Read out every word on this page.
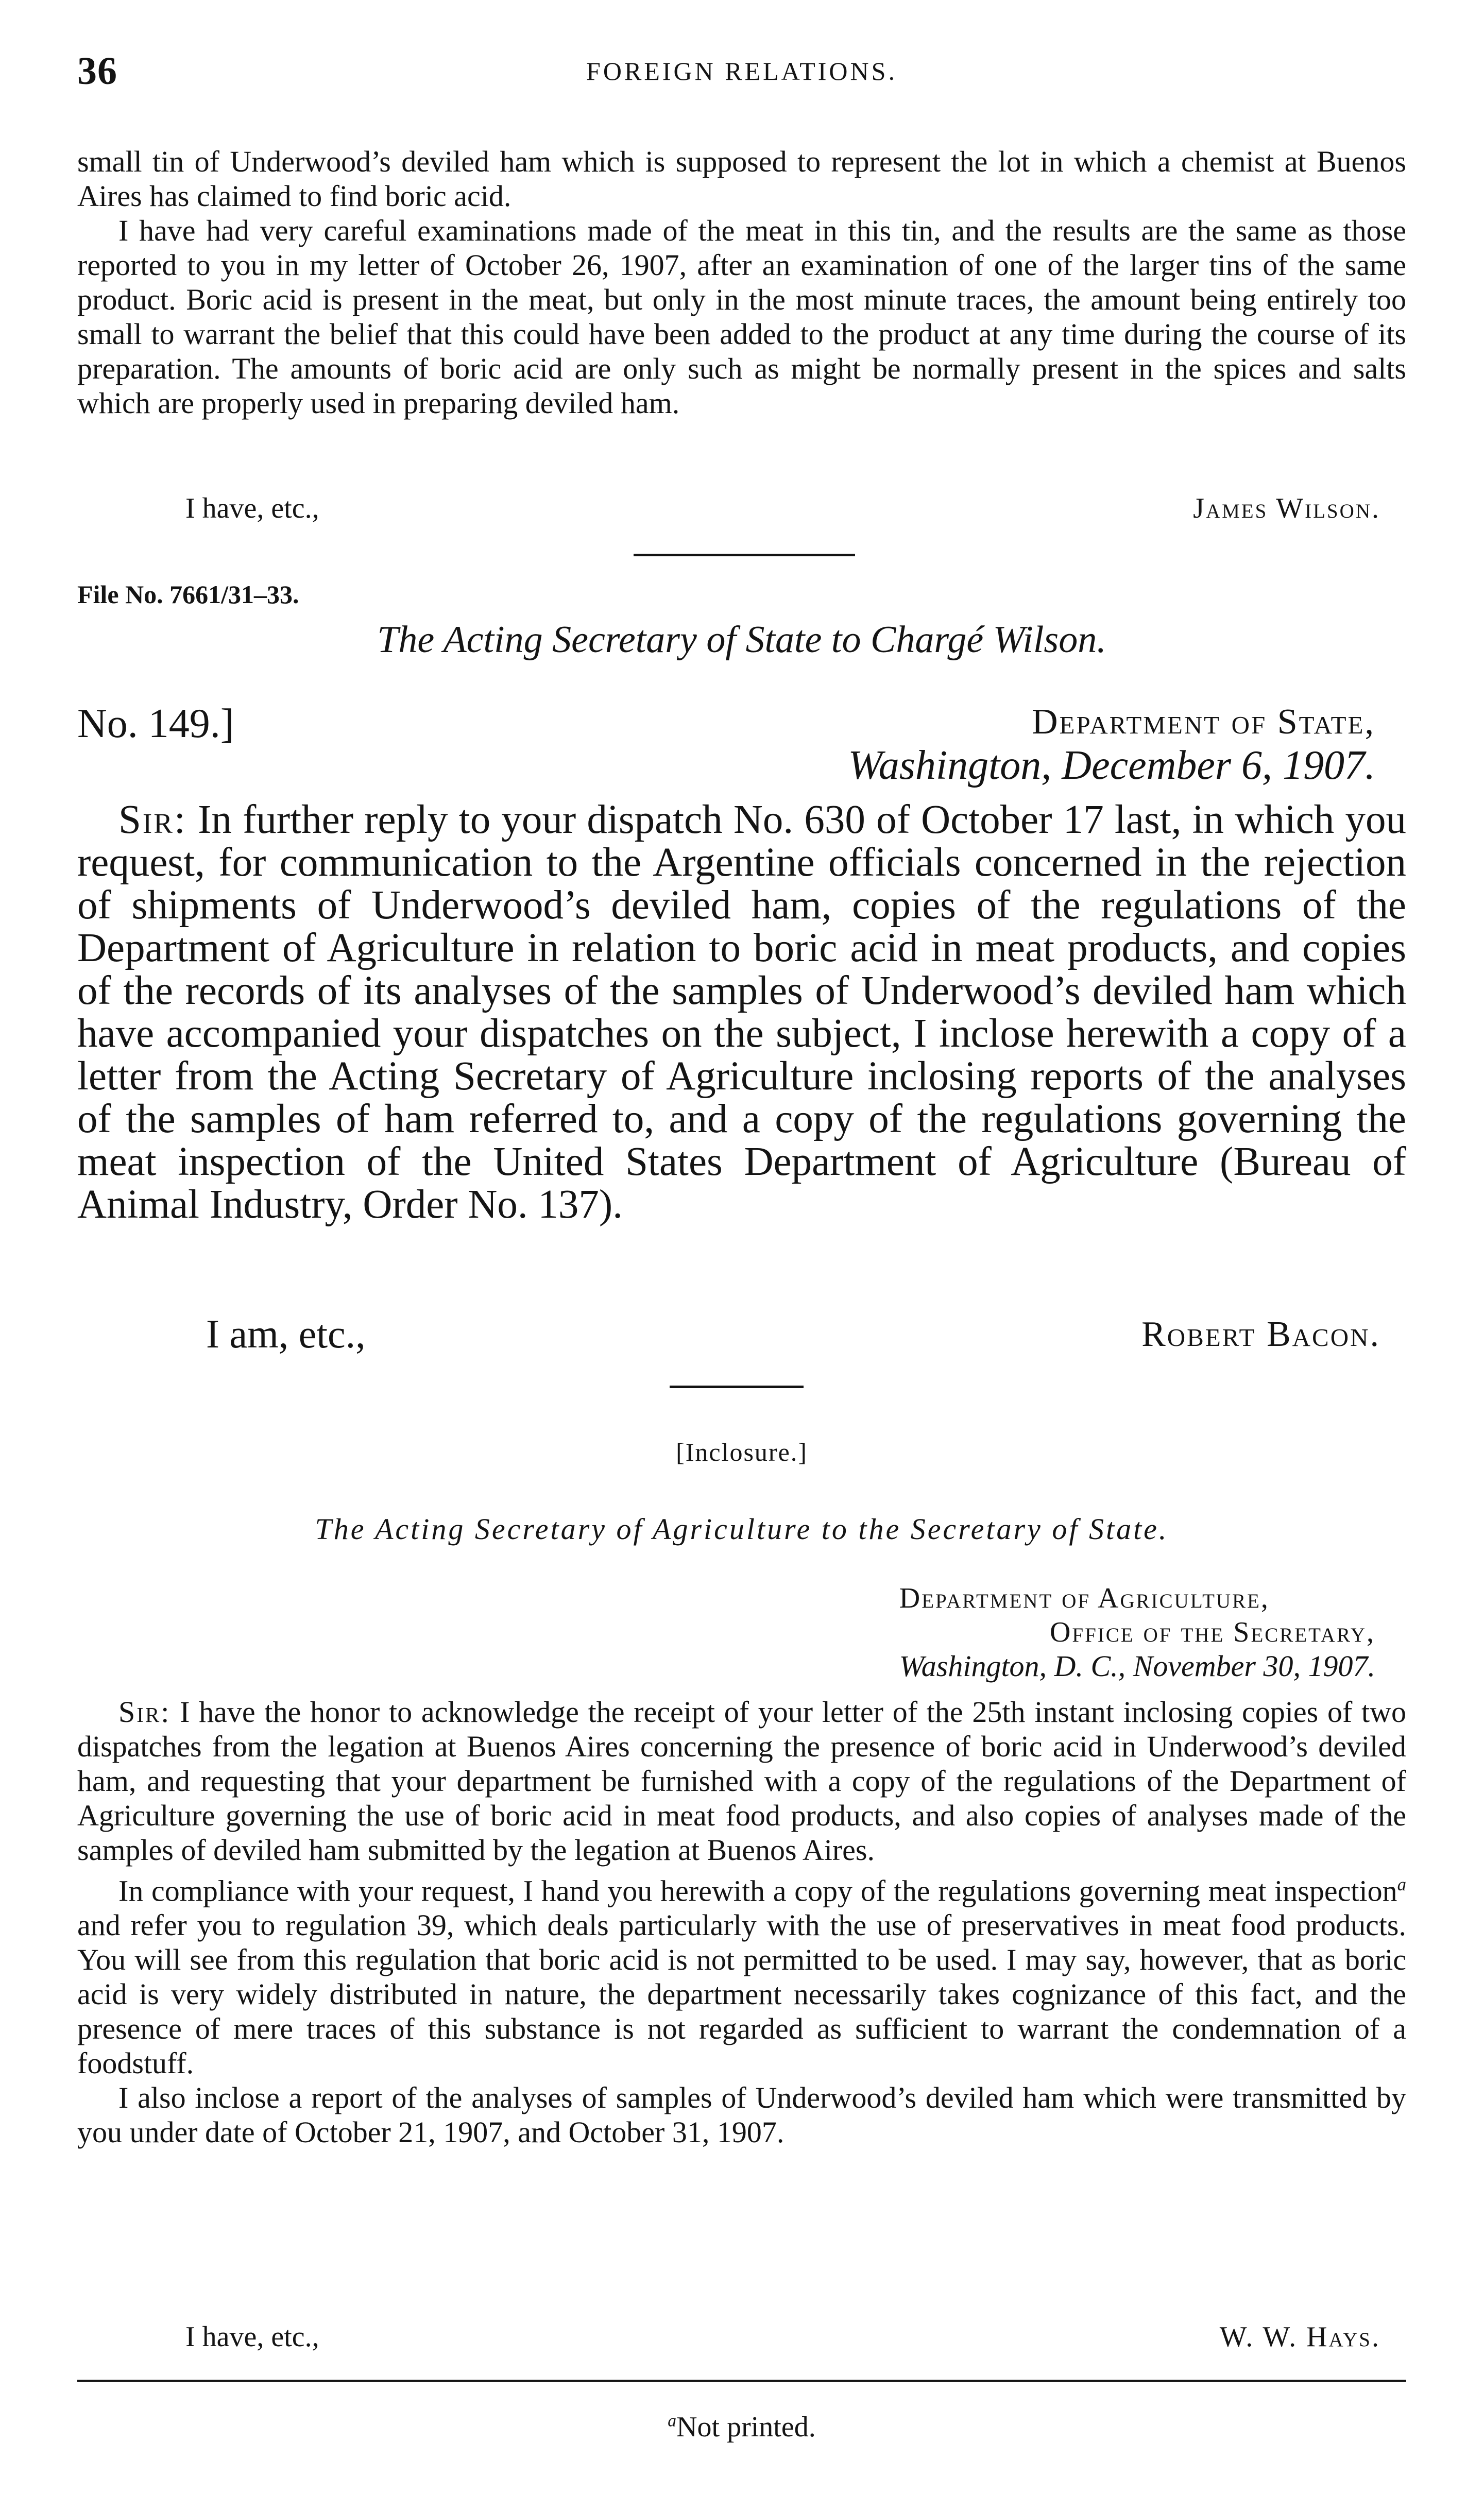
36	FOREIGN RELATIONS.

small tin of Underwood’s deviled ham which is supposed to represent the lot in which a chemist at Buenos Aires has claimed to find boric acid.

I have had very careful examinations made of the meat in this tin, and the results are the same as those reported to you in my letter of October 26, 1907, after an examination of one of the larger tins of the same product. Boric acid is present in the meat, but only in the most minute traces, the amount being entirely too small to warrant the belief that this could have been added to the product at any time during the course of its preparation. The amounts of boric acid are only such as might be normally present in the spices and salts which are properly used in preparing deviled ham.

I have, etc.,	James Wilson.
File No. 7661/31–33.
The Acting Secretary of State to Chargé Wilson.
No. 149.]	Department of State,
Washington, December 6, 1907.

Sir: In further reply to your dispatch No. 630 of October 17 last, in which you request, for communication to the Argentine officials concerned in the rejection of shipments of Underwood’s deviled ham, copies of the regulations of the Department of Agriculture in relation to boric acid in meat products, and copies of the records of its analyses of the samples of Underwood’s deviled ham which have accompanied your dispatches on the subject, I inclose herewith a copy of a letter from the Acting Secretary of Agriculture inclosing reports of the analyses of the samples of ham referred to, and a copy of the regulations governing the meat inspection of the United States Department of Agriculture (Bureau of Animal Industry, Order No. 137).

I am, etc.,	Robert Bacon.
[Inclosure.]
The Acting Secretary of Agriculture to the Secretary of State.
Department of Agriculture,
Office of the Secretary,
Washington, D. C., November 30, 1907.

Sir: I have the honor to acknowledge the receipt of your letter of the 25th instant inclosing copies of two dispatches from the legation at Buenos Aires concerning the presence of boric acid in Underwood’s deviled ham, and requesting that your department be furnished with a copy of the regulations of the Department of Agriculture governing the use of boric acid in meat food products, and also copies of analyses made of the samples of deviled ham submitted by the legation at Buenos Aires.

In compliance with your request, I hand you herewith a copy of the regulations governing meat inspection$^a$ and refer you to regulation 39, which deals particularly with the use of preservatives in meat food products. You will see from this regulation that boric acid is not permitted to be used. I may say, however, that as boric acid is very widely distributed in nature, the department necessarily takes cognizance of this fact, and the presence of mere traces of this substance is not regarded as sufficient to warrant the condemnation of a foodstuff.

I also inclose a report of the analyses of samples of Underwood’s deviled ham which were transmitted by you under date of October 21, 1907, and October 31, 1907.

I have, etc.,	W. W. Hays.
$^a$Not printed.
